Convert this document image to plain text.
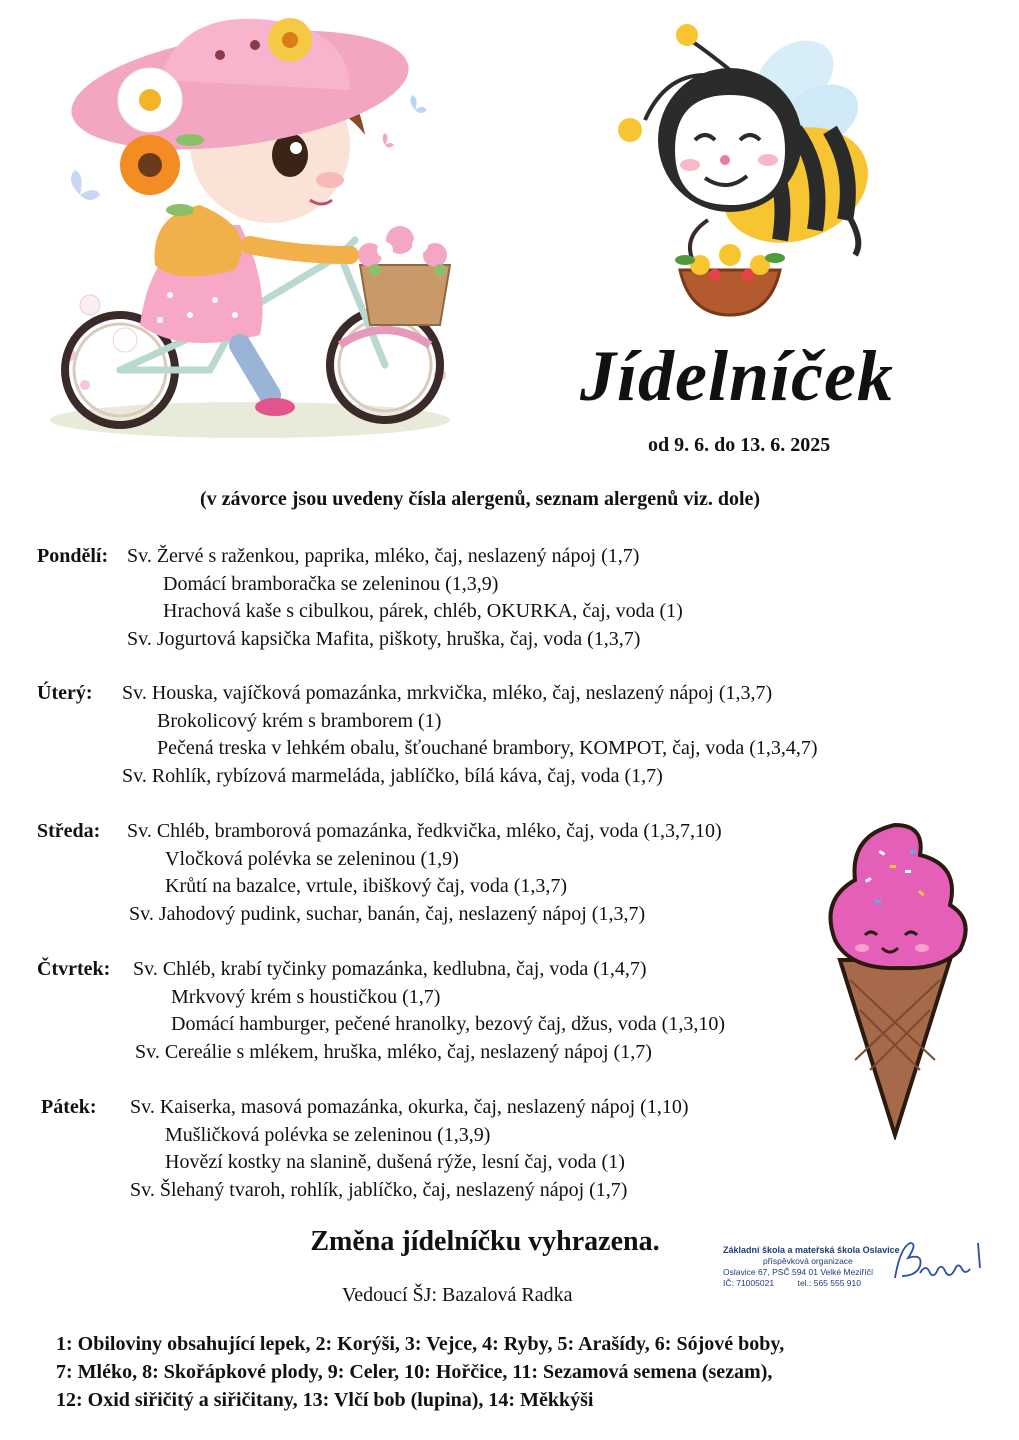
Jídelníček
od 9. 6. do 13. 6. 2025
(v závorce jsou uvedeny čísla alergenů, seznam alergenů viz. dole)
Pondělí: Sv. Žervé s raženkou, paprika, mléko, čaj, neslazený nápoj (1,7)
Domácí bramboračka se zeleninou (1,3,9)
Hrachová kaše s cibulkou, párek, chléb, OKURKA, čaj, voda (1)
Sv. Jogurtová kapsička Mafita, piškoty, hruška, čaj, voda (1,3,7)
Úterý: Sv. Houska, vajíčková pomazánka, mrkvička, mléko, čaj, neslazený nápoj (1,3,7)
Brokolicový krém s bramborem (1)
Pečená treska v lehkém obalu, šťouchané brambory, KOMPOT, čaj, voda (1,3,4,7)
Sv. Rohlík, rybízová marmeláda, jablíčko, bílá káva, čaj, voda (1,7)
Středa: Sv. Chléb, bramborová pomazánka, ředkvička, mléko, čaj, voda (1,3,7,10)
Vločková polévka se zeleninou (1,9)
Krůtí na bazalce, vrtule, ibiškový čaj, voda (1,3,7)
Sv. Jahodový pudink, suchar, banán, čaj, neslazený nápoj (1,3,7)
Čtvrtek: Sv. Chléb, krabí tyčinky pomazánka, kedlubna, čaj, voda (1,4,7)
Mrkvový krém s houstičkou (1,7)
Domácí hamburger, pečené hranolky, bezový čaj, džus, voda (1,3,10)
Sv. Cereálie s mlékem, hruška, mléko, čaj, neslazený nápoj (1,7)
Pátek: Sv. Kaiserka, masová pomazánka, okurka, čaj, neslazený nápoj (1,10)
Mušličková polévka se zeleninou (1,3,9)
Hovězí kostky na slanině, dušená rýže, lesní čaj, voda (1)
Sv. Šlehaný tvaroh, rohlík, jablíčko, čaj, neslazený nápoj (1,7)
Změna jídelníčku vyhrazena.
Vedoucí ŠJ: Bazalová Radka
Základní škola a mateřská škola Oslavice
příspěvková organizace
Oslavice 67, PSČ 594 01 Velké Meziříčí
IČ: 71005021          tel.: 565 555 910
1: Obiloviny obsahující lepek, 2: Korýši, 3: Vejce, 4: Ryby, 5: Arašídy, 6: Sójové boby,
7: Mléko, 8: Skořápkové plody, 9: Celer, 10: Hořčice, 11: Sezamová semena (sezam),
12: Oxid siřičitý a siřičitany, 13: Vlčí bob (lupina), 14: Měkkýši
